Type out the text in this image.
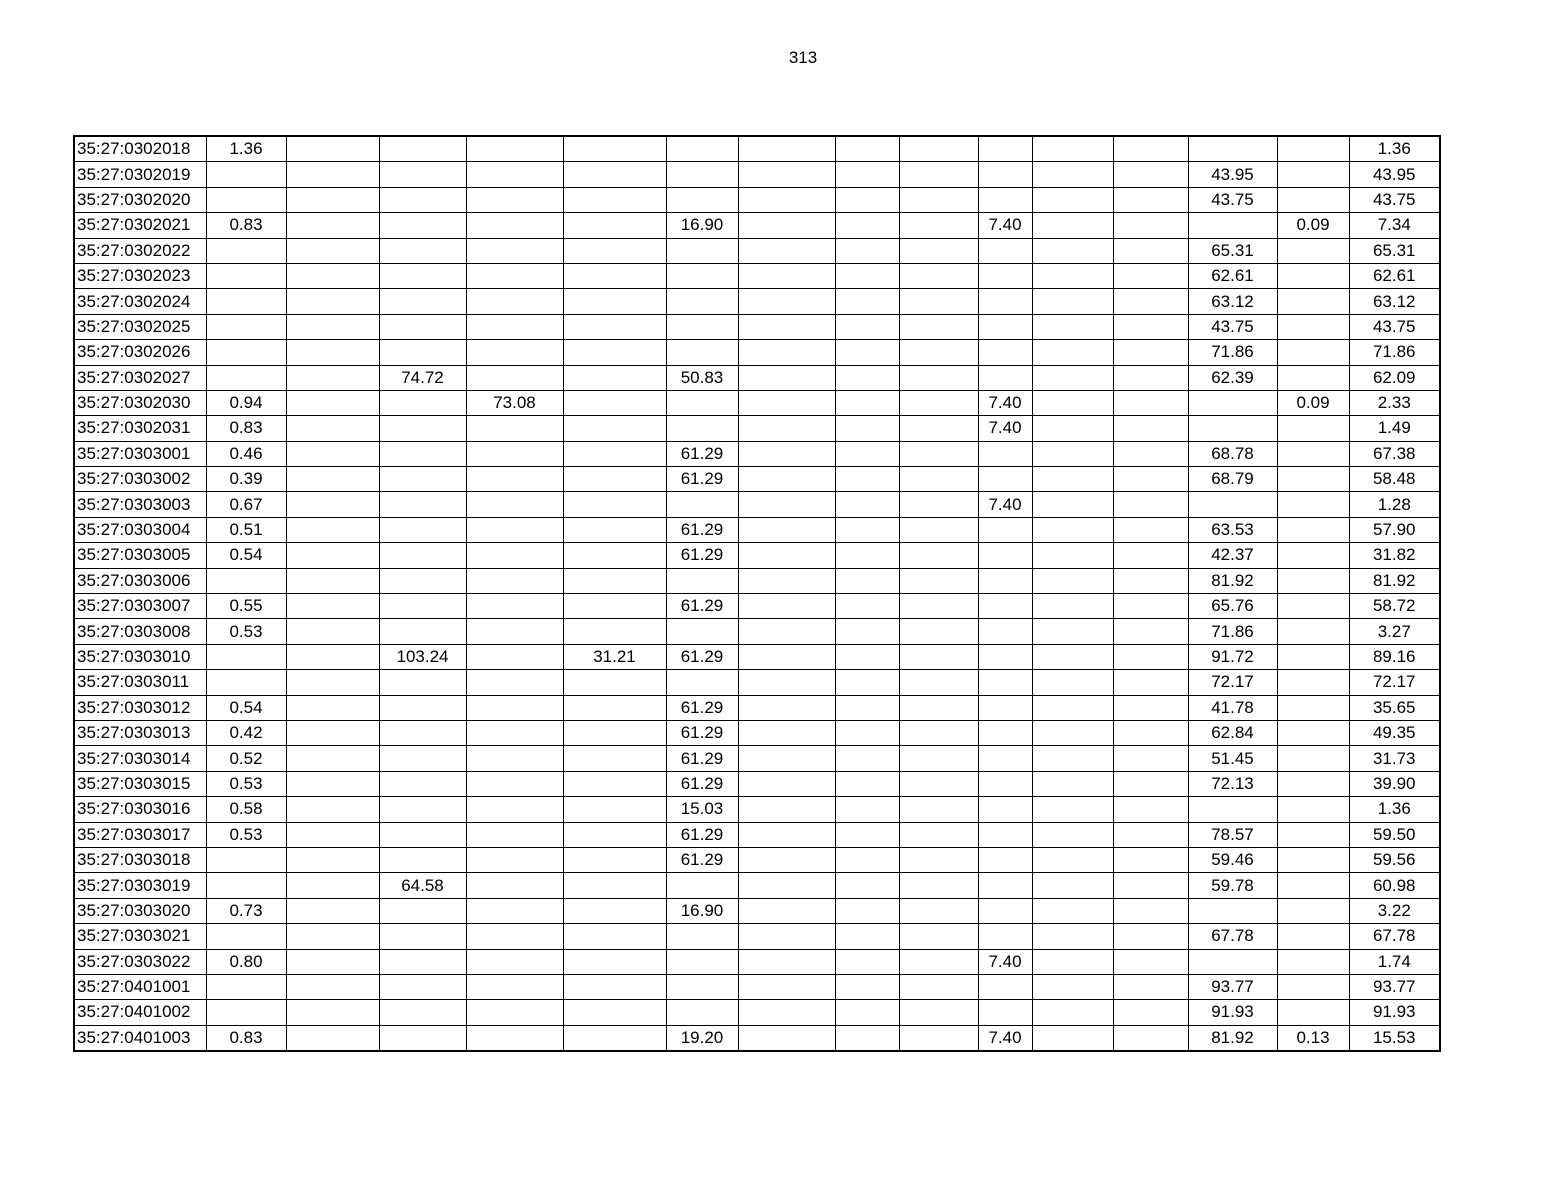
313
35:27:0302018	1.36														1.36
35:27:0302019													43.95		43.95
35:27:0302020													43.75		43.75
35:27:0302021	0.83					16.90				7.40				0.09	7.34
35:27:0302022													65.31		65.31
35:27:0302023													62.61		62.61
35:27:0302024													63.12		63.12
35:27:0302025													43.75		43.75
35:27:0302026													71.86		71.86
35:27:0302027			74.72			50.83							62.39		62.09
35:27:0302030	0.94			73.08						7.40				0.09	2.33
35:27:0302031	0.83									7.40					1.49
35:27:0303001	0.46					61.29							68.78		67.38
35:27:0303002	0.39					61.29							68.79		58.48
35:27:0303003	0.67									7.40					1.28
35:27:0303004	0.51					61.29							63.53		57.90
35:27:0303005	0.54					61.29							42.37		31.82
35:27:0303006													81.92		81.92
35:27:0303007	0.55					61.29							65.76		58.72
35:27:0303008	0.53												71.86		3.27
35:27:0303010			103.24		31.21	61.29							91.72		89.16
35:27:0303011													72.17		72.17
35:27:0303012	0.54					61.29							41.78		35.65
35:27:0303013	0.42					61.29							62.84		49.35
35:27:0303014	0.52					61.29							51.45		31.73
35:27:0303015	0.53					61.29							72.13		39.90
35:27:0303016	0.58					15.03									1.36
35:27:0303017	0.53					61.29							78.57		59.50
35:27:0303018						61.29							59.46		59.56
35:27:0303019			64.58										59.78		60.98
35:27:0303020	0.73					16.90									3.22
35:27:0303021													67.78		67.78
35:27:0303022	0.80									7.40					1.74
35:27:0401001													93.77		93.77
35:27:0401002													91.93		91.93
35:27:0401003	0.83					19.20				7.40			81.92	0.13	15.53
